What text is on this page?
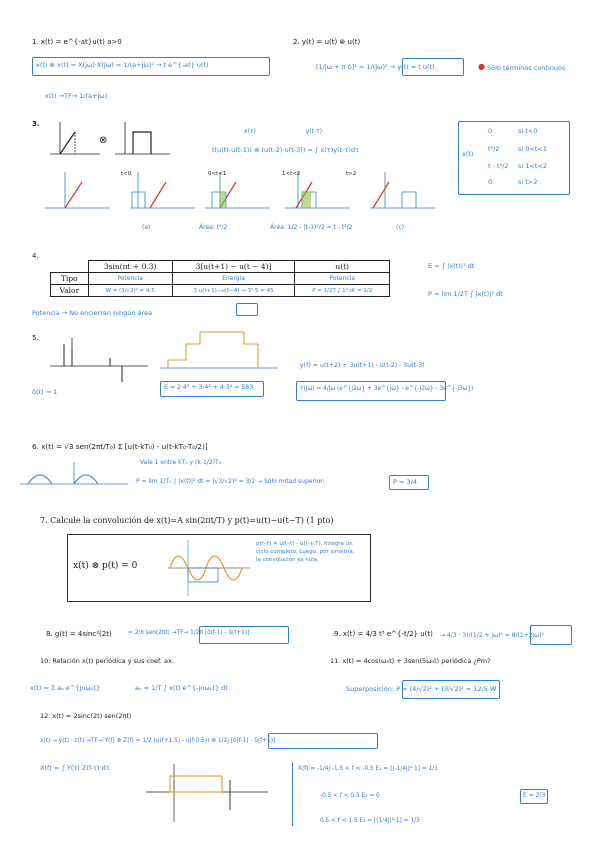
1. x(t) = e^{-at}u(t) a>0
x(t) ⊗ x(t) = X(jω)·X(jω) = 1/(a+jω)² → t e^{-at} u(t)
x(t) →TF→ 1/(a+jω)
2. y(t) = u(t) ⊗ u(t)
[1/jω + π δ]² = 1/(jω)² → y(t) = t u(t)	● Sólo términos continuos
3.
⊗
x(τ) y(t-τ)
t(u(t)-u(t-1)) ⊗ (u(t-2)-u(t-3)) = ∫ x(τ)y(t-τ)dτ	x(t)
0	si t<0
t²/2	si 0<t<1
t - t²/2 si 1<t<2
0	si t>2
t<0	0<t<1	1<t<2	t>2
(a)	Área: t²/2	Área: 1/2 - (t-1)²/2 = t - t²/2	(c)
4.
	3sin(πt + 0.3)	3[u(t+1) − u(t − 4)]	u(t)
Tipo	Potencia	Energía	Potencia
Valor	W = (3/√2)² = 4.5	3 u(t+1)−u(t−4) → 3²·5 = 45	P = 1/2T ∫ 1² dt = 1/2
E = ∫ |x(t)|² dt
P = lim 1/2T ∫ |x(t)|² dt
Potencia → No encierran ningún área
5.
δ(t) → 1
E = 2·4² + 3·4² + 4·3² = 583
y(t) = u(t+2) + 3u(t+1) - u(t-2) - 3u(t-3)
Y(jω) = 4/jω (e^{j2ω} + 3e^{jω} - e^{-j2ω} - 3e^{-j3ω})
6. x(t) = √3 sen(2πt/T₀) Σ [u(t-kT₀) - u(t-kT₀-T₀/2)]
Vale 1 entre kT₀ y (k-1/2)T₀
P = lim 1/T₀ ∫ |x(t)|² dt = (√3/√2)² = 3/2 → Sólo mitad superior:	P = 3/4
7. Calcule la convolución de x(t)=A sin(2πt/T) y p(t)=u(t)−u(t−T) (1 pto)
x(t) ⊗ p(t) = 0
p(t-τ) = u(t-τ) - u(t-τ-T). Integra un ciclo completo. Luego, por simetría, la convolución es nula.
8. g(t) = 4sinc²(2t)	= 2/π sen(2πt) →TF→ 1/2π [δ(f-1) - δ(f+1)]	9. x(t) = 4/3 t³ e^{-t/2} u(t) → 4/3 · 3!/(1/2 + jω)⁴ = 8/(1+2jω)⁴
10. Relación x(t) periódica y sus coef. ax.
x(t) = Σ aₙ e^{jnω₀t}	aₙ = 1/T ∫ x(t) e^{-jnω₀t} dt
11. x(t) = 4cos(ω₀t) + 3sen(5ω₀t) periódica ¿Pm?
Superposición: P = (4/√2)² + (3/√2)² = 12,5 W
12. x(t) = 2sinc(2t) sen(2πt)
x(t) → y(t) · z(t) →TF→ Y(f) ⊗ Z(f) = 1/2 (u(f+1.5) - u(f-0.5)) ⊗ 1/2j [δ(f-1) - δ(f+1)]
X(f) = ∫ Y(τ) Z(f-τ) dτ	X(f) = -1/4j -1.5 < f < -0.5 E₁ = [(-1/4j)²·1] = 1/3
-0.5 < f < 0.5 E₂ = 0
0.5 < f < 1.5 E₃ = [(1/4j)²·1] = 1/3
E = 2/3
